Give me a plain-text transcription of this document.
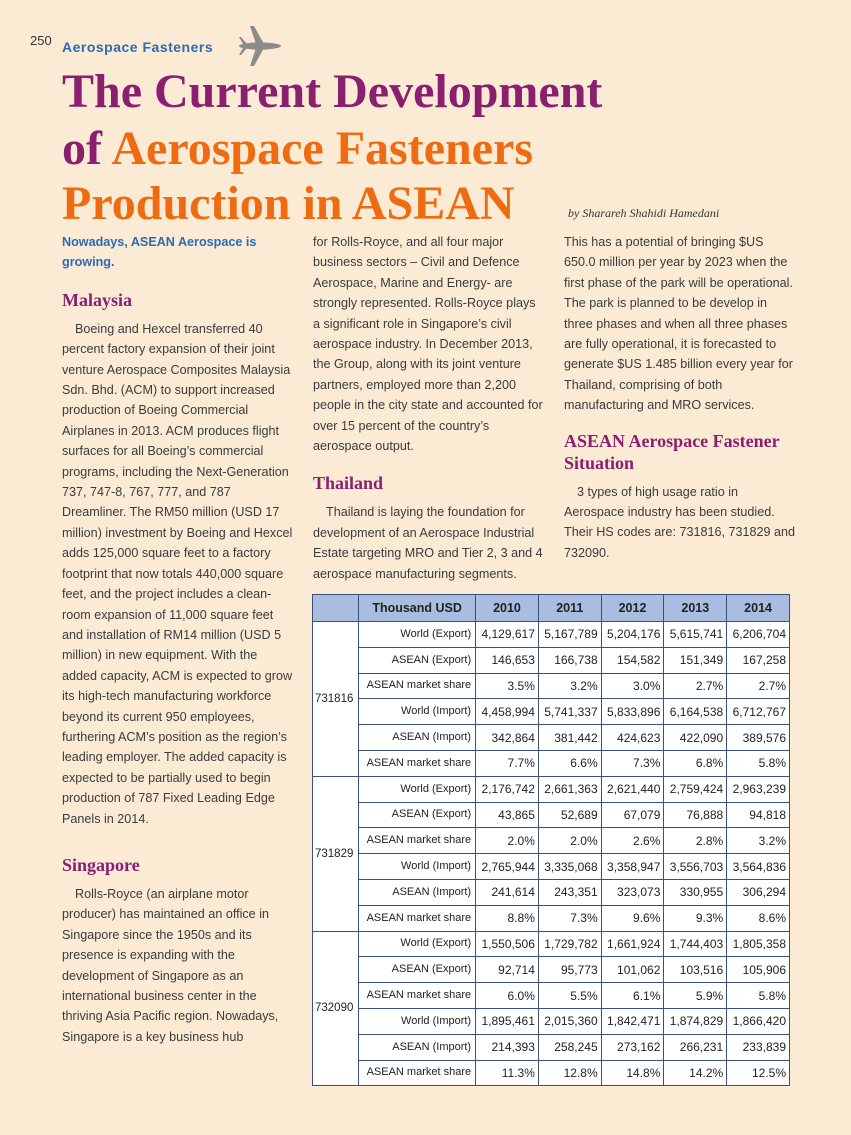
250 Aerospace Fasteners
The Current Development
of Aerospace Fasteners
Production in ASEAN	by Sharareh Shahidi Hamedani

Nowadays, ASEAN Aerospace is growing.

Malaysia

Boeing and Hexcel transferred 40 percent factory expansion of their joint venture Aerospace Composites Malaysia Sdn. Bhd. (ACM) to support increased production of Boeing Commercial Airplanes in 2013. ACM produces flight surfaces for all Boeing’s commercial programs, including the Next-Generation 737, 747-8, 767, 777, and 787 Dreamliner. The RM50 million (USD 17 million) investment by Boeing and Hexcel adds 125,000 square feet to a factory footprint that now totals 440,000 square feet, and the project includes a clean-room expansion of 11,000 square feet and installation of RM14 million (USD 5 million) in new equipment. With the added capacity, ACM is expected to grow its high-tech manufacturing workforce beyond its current 950 employees, furthering ACM’s position as the region’s leading employer. The added capacity is expected to be partially used to begin production of 787 Fixed Leading Edge Panels in 2014.

Singapore

Rolls-Royce (an airplane motor producer) has maintained an office in Singapore since the 1950s and its presence is expanding with the development of Singapore as an international business center in the thriving Asia Pacific region. Nowadays, Singapore is a key business hub

for Rolls-Royce, and all four major business sectors – Civil and Defence Aerospace, Marine and Energy- are strongly represented. Rolls-Royce plays a significant role in Singapore’s civil aerospace industry. In December 2013, the Group, along with its joint venture partners, employed more than 2,200 people in the city state and accounted for over 15 percent of the country’s aerospace output.

Thailand

Thailand is laying the foundation for development of an Aerospace Industrial Estate targeting MRO and Tier 2, 3 and 4 aerospace manufacturing segments.

This has a potential of bringing $US 650.0 million per year by 2023 when the first phase of the park will be operational. The park is planned to be develop in three phases and when all three phases are fully operational, it is forecasted to generate $US 1.485 billion every year for Thailand, comprising of both manufacturing and MRO services.

ASEAN Aerospace Fastener Situation

3 types of high usage ratio in Aerospace industry has been studied. Their HS codes are: 731816, 731829 and 732090.

	Thousand USD	2010	2011	2012	2013	2014
731816	World (Export)	4,129,617	5,167,789	5,204,176	5,615,741	6,206,704
	ASEAN (Export)	146,653	166,738	154,582	151,349	167,258
	ASEAN market share	3.5%	3.2%	3.0%	2.7%	2.7%
	World (Import)	4,458,994	5,741,337	5,833,896	6,164,538	6,712,767
	ASEAN (Import)	342,864	381,442	424,623	422,090	389,576
	ASEAN market share	7.7%	6.6%	7.3%	6.8%	5.8%
731829	World (Export)	2,176,742	2,661,363	2,621,440	2,759,424	2,963,239
	ASEAN (Export)	43,865	52,689	67,079	76,888	94,818
	ASEAN market share	2.0%	2.0%	2.6%	2.8%	3.2%
	World (Import)	2,765,944	3,335,068	3,358,947	3,556,703	3,564,836
	ASEAN (Import)	241,614	243,351	323,073	330,955	306,294
	ASEAN market share	8.8%	7.3%	9.6%	9.3%	8.6%
732090	World (Export)	1,550,506	1,729,782	1,661,924	1,744,403	1,805,358
	ASEAN (Export)	92,714	95,773	101,062	103,516	105,906
	ASEAN market share	6.0%	5.5%	6.1%	5.9%	5.8%
	World (Import)	1,895,461	2,015,360	1,842,471	1,874,829	1,866,420
	ASEAN (Import)	214,393	258,245	273,162	266,231	233,839
	ASEAN market share	11.3%	12.8%	14.8%	14.2%	12.5%
